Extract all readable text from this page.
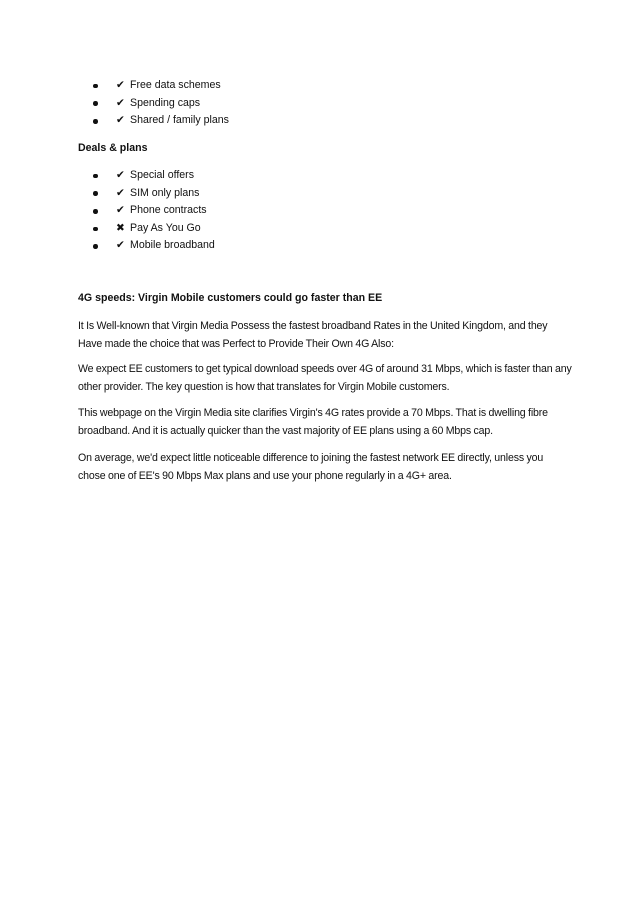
✔ Free data schemes
✔ Spending caps
✔ Shared / family plans
Deals & plans
✔ Special offers
✔ SIM only plans
✔ Phone contracts
✖ Pay As You Go
✔ Mobile broadband
4G speeds: Virgin Mobile customers could go faster than EE

It Is Well-known that Virgin Media Possess the fastest broadband Rates in the United Kingdom, and they Have made the choice that was Perfect to Provide Their Own 4G Also:

We expect EE customers to get typical download speeds over 4G of around 31 Mbps, which is faster than any other provider. The key question is how that translates for Virgin Mobile customers.

This webpage on the Virgin Media site clarifies Virgin's 4G rates provide a 70 Mbps. That is dwelling fibre broadband. And it is actually quicker than the vast majority of EE plans using a 60 Mbps cap.

On average, we'd expect little noticeable difference to joining the fastest network EE directly, unless you chose one of EE's 90 Mbps Max plans and use your phone regularly in a 4G+ area.
